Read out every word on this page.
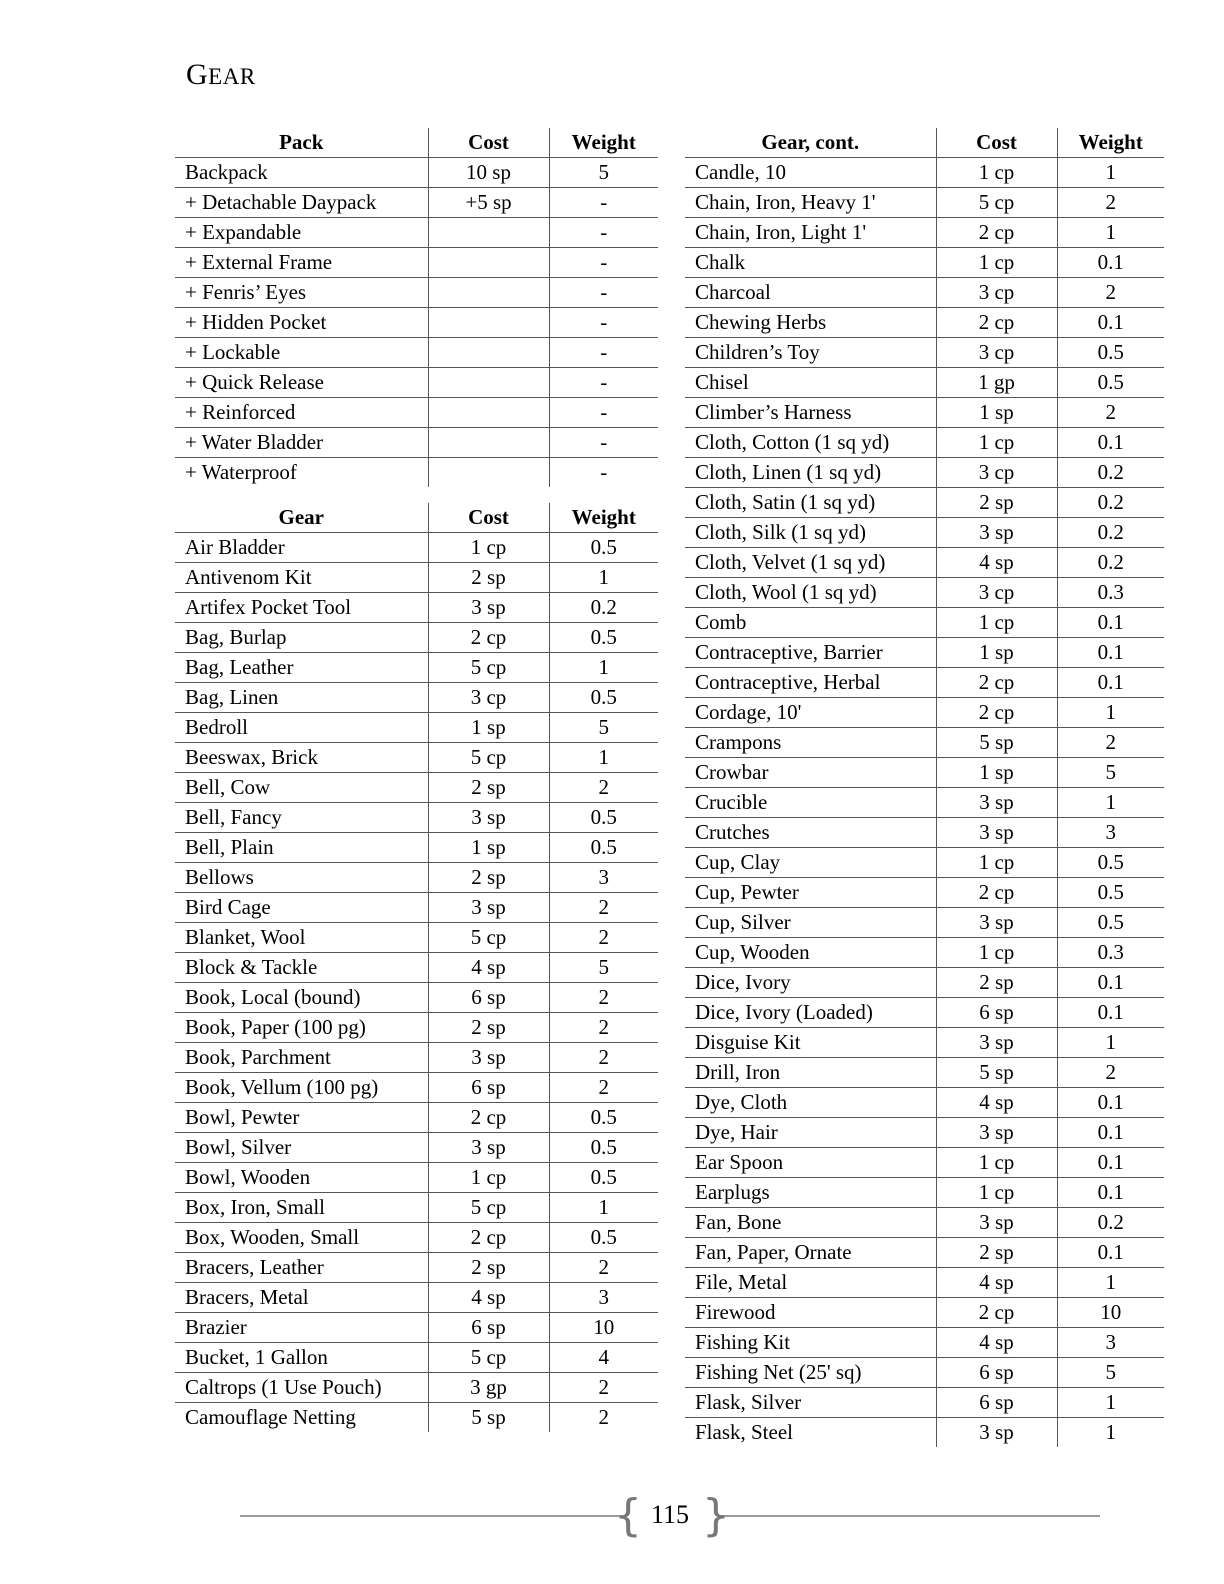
GEAR
Pack	Cost	Weight
Backpack	10 sp	5
+ Detachable Daypack	+5 sp	-
+ Expandable		-
+ External Frame		-
+ Fenris’ Eyes		-
+ Hidden Pocket		-
+ Lockable		-
+ Quick Release		-
+ Reinforced		-
+ Water Bladder		-
+ Waterproof		-
Gear	Cost	Weight
Air Bladder	1 cp	0.5
Antivenom Kit	2 sp	1
Artifex Pocket Tool	3 sp	0.2
Bag, Burlap	2 cp	0.5
Bag, Leather	5 cp	1
Bag, Linen	3 cp	0.5
Bedroll	1 sp	5
Beeswax, Brick	5 cp	1
Bell, Cow	2 sp	2
Bell, Fancy	3 sp	0.5
Bell, Plain	1 sp	0.5
Bellows	2 sp	3
Bird Cage	3 sp	2
Blanket, Wool	5 cp	2
Block & Tackle	4 sp	5
Book, Local (bound)	6 sp	2
Book, Paper (100 pg)	2 sp	2
Book, Parchment	3 sp	2
Book, Vellum (100 pg)	6 sp	2
Bowl, Pewter	2 cp	0.5
Bowl, Silver	3 sp	0.5
Bowl, Wooden	1 cp	0.5
Box, Iron, Small	5 cp	1
Box, Wooden, Small	2 cp	0.5
Bracers, Leather	2 sp	2
Bracers, Metal	4 sp	3
Brazier	6 sp	10
Bucket, 1 Gallon	5 cp	4
Caltrops (1 Use Pouch)	3 gp	2
Camouflage Netting	5 sp	2
Gear, cont.	Cost	Weight
Candle, 10	1 cp	1
Chain, Iron, Heavy 1'	5 cp	2
Chain, Iron, Light 1'	2 cp	1
Chalk	1 cp	0.1
Charcoal	3 cp	2
Chewing Herbs	2 cp	0.1
Children’s Toy	3 cp	0.5
Chisel	1 gp	0.5
Climber’s Harness	1 sp	2
Cloth, Cotton (1 sq yd)	1 cp	0.1
Cloth, Linen (1 sq yd)	3 cp	0.2
Cloth, Satin (1 sq yd)	2 sp	0.2
Cloth, Silk (1 sq yd)	3 sp	0.2
Cloth, Velvet (1 sq yd)	4 sp	0.2
Cloth, Wool (1 sq yd)	3 cp	0.3
Comb	1 cp	0.1
Contraceptive, Barrier	1 sp	0.1
Contraceptive, Herbal	2 cp	0.1
Cordage, 10'	2 cp	1
Crampons	5 sp	2
Crowbar	1 sp	5
Crucible	3 sp	1
Crutches	3 sp	3
Cup, Clay	1 cp	0.5
Cup, Pewter	2 cp	0.5
Cup, Silver	3 sp	0.5
Cup, Wooden	1 cp	0.3
Dice, Ivory	2 sp	0.1
Dice, Ivory (Loaded)	6 sp	0.1
Disguise Kit	3 sp	1
Drill, Iron	5 sp	2
Dye, Cloth	4 sp	0.1
Dye, Hair	3 sp	0.1
Ear Spoon	1 cp	0.1
Earplugs	1 cp	0.1
Fan, Bone	3 sp	0.2
Fan, Paper, Ornate	2 sp	0.1
File, Metal	4 sp	1
Firewood	2 cp	10
Fishing Kit	4 sp	3
Fishing Net (25' sq)	6 sp	5
Flask, Silver	6 sp	1
Flask, Steel	3 sp	1
{ }
115
